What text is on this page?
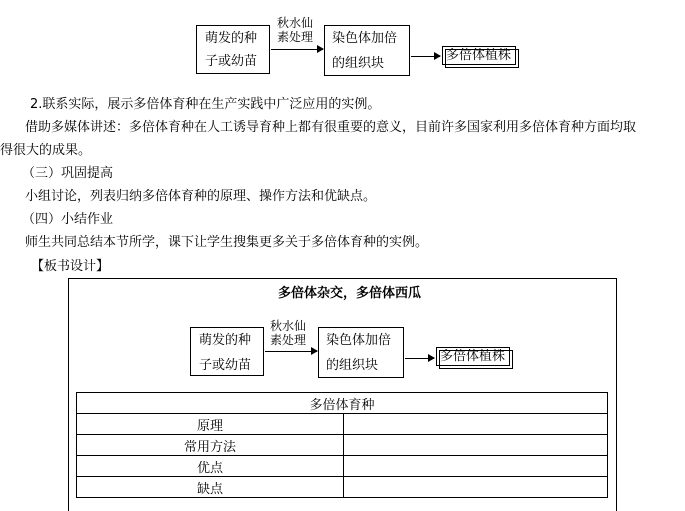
萌发的种
子或幼苗
秋水仙
素处理 染色体加倍
的组织块
多倍体植株
2.联系实际，展示多倍体育种在生产实践中广泛应用的实例。
借助多媒体讲述：多倍体育种在人工诱导育种上都有很重要的意义，目前许多国家利用多倍体育种方面均取
得很大的成果。
（三）巩固提高
小组讨论，列表归纳多倍体育种的原理、操作方法和优缺点。
（四）小结作业
师生共同总结本节所学，课下让学生搜集更多关于多倍体育种的实例。
【板书设计】
多倍体杂交，多倍体西瓜
萌发的种
子或幼苗
秋水仙
素处理 染色体加倍
的组织块
多倍体植株
多倍体育种	
原理	
常用方法	
优点	
缺点	
